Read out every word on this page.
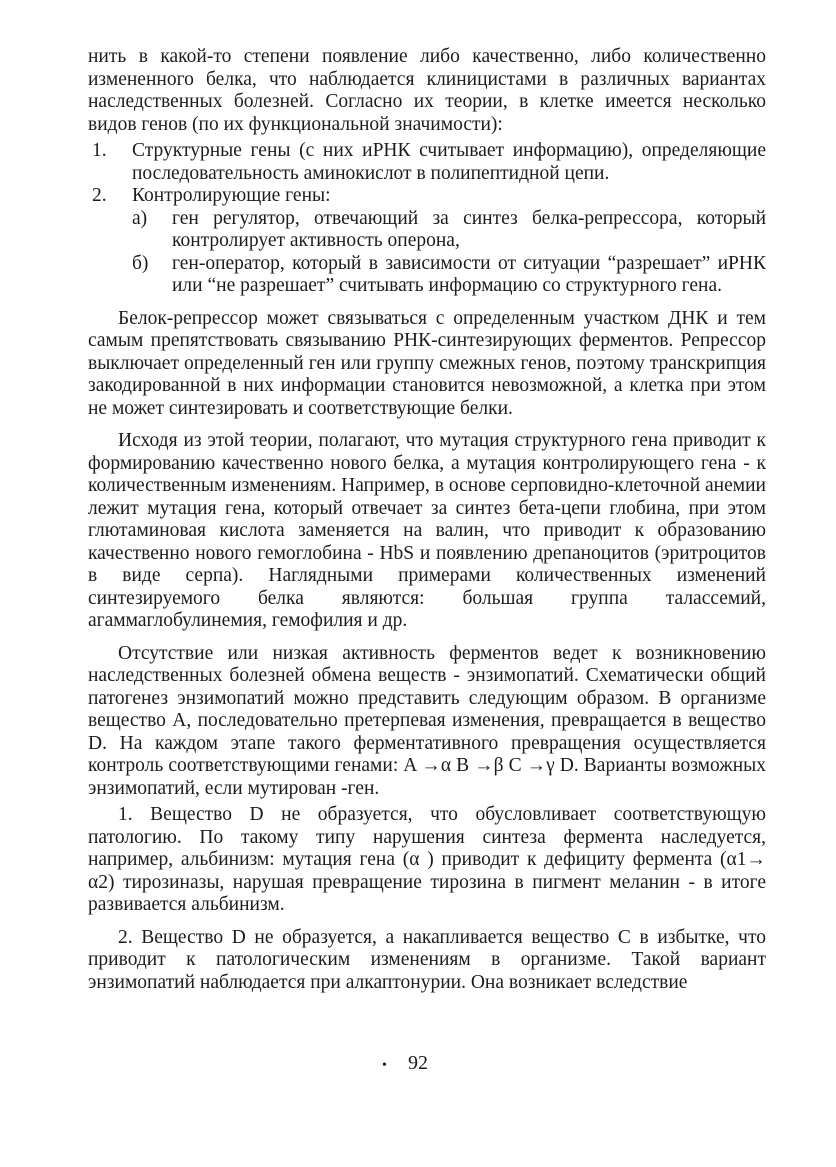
нить в какой-то степени появление либо качественно, либо количественно измененного белка, что наблюдается клиницистами в различных вариантах наследственных болезней. Согласно их теории, в клетке имеется несколько видов генов (по их функциональной значимости):

1.	Структурные гены (с них иРНК считывает информацию), определяющие последовательность аминокислот в полипептидной цепи.
2.	Контролирующие гены:
а)	ген регулятор, отвечающий за синтез белка-репрессора, который контролирует активность оперона,
б)	ген-оператор, который в зависимости от ситуации “разрешает” иРНК или “не разрешает” считывать информацию со структурного гена.

Белок-репрессор может связываться с определенным участком ДНК и тем самым препятствовать связыванию РНК-синтезирующих ферментов. Репрессор выключает определенный ген или группу смежных генов, поэтому транскрипция закодированной в них информации становится невозможной, а клетка при этом не может синтезировать и соответствующие белки.

Исходя из этой теории, полагают, что мутация структурного гена приводит к формированию качественно нового белка, а мутация контролирующего гена - к количественным изменениям. Например, в основе серповидно-клеточной анемии лежит мутация гена, который отвечает за синтез бета-цепи глобина, при этом глютаминовая кислота заменяется на валин, что приводит к образованию качественно нового гемоглобина - HbS и появлению дрепаноцитов (эритроцитов в виде серпа). Наглядными примерами количественных изменений синтезируемого белка являются: большая группа талассемий, агаммаглобулинемия, гемофилия и др.

Отсутствие или низкая активность ферментов ведет к возникновению наследственных болезней обмена веществ - энзимопатий. Схематически общий патогенез энзимопатий можно представить следующим образом. В организме вещество A, последовательно претерпевая изменения, превращается в вещество D. На каждом этапе такого ферментативного превращения осуществляется контроль соответствующими генами: A →α B →β C →γ D. Варианты возможных энзимопатий, если мутирован -ген.

1. Вещество D не образуется, что обусловливает соответствующую патологию. По такому типу нарушения синтеза фермента наследуется, например, альбинизм: мутация гена (α ) приводит к дефициту фермента (α1→ α2) тирозиназы, нарушая превращение тирозина в пигмент меланин - в итоге развивается альбинизм.

2. Вещество D не образуется, а накапливается вещество C в избытке, что приводит к патологическим изменениям в организме. Такой вариант энзимопатий наблюдается при алкаптонурии. Она возникает вследствие

•	92
